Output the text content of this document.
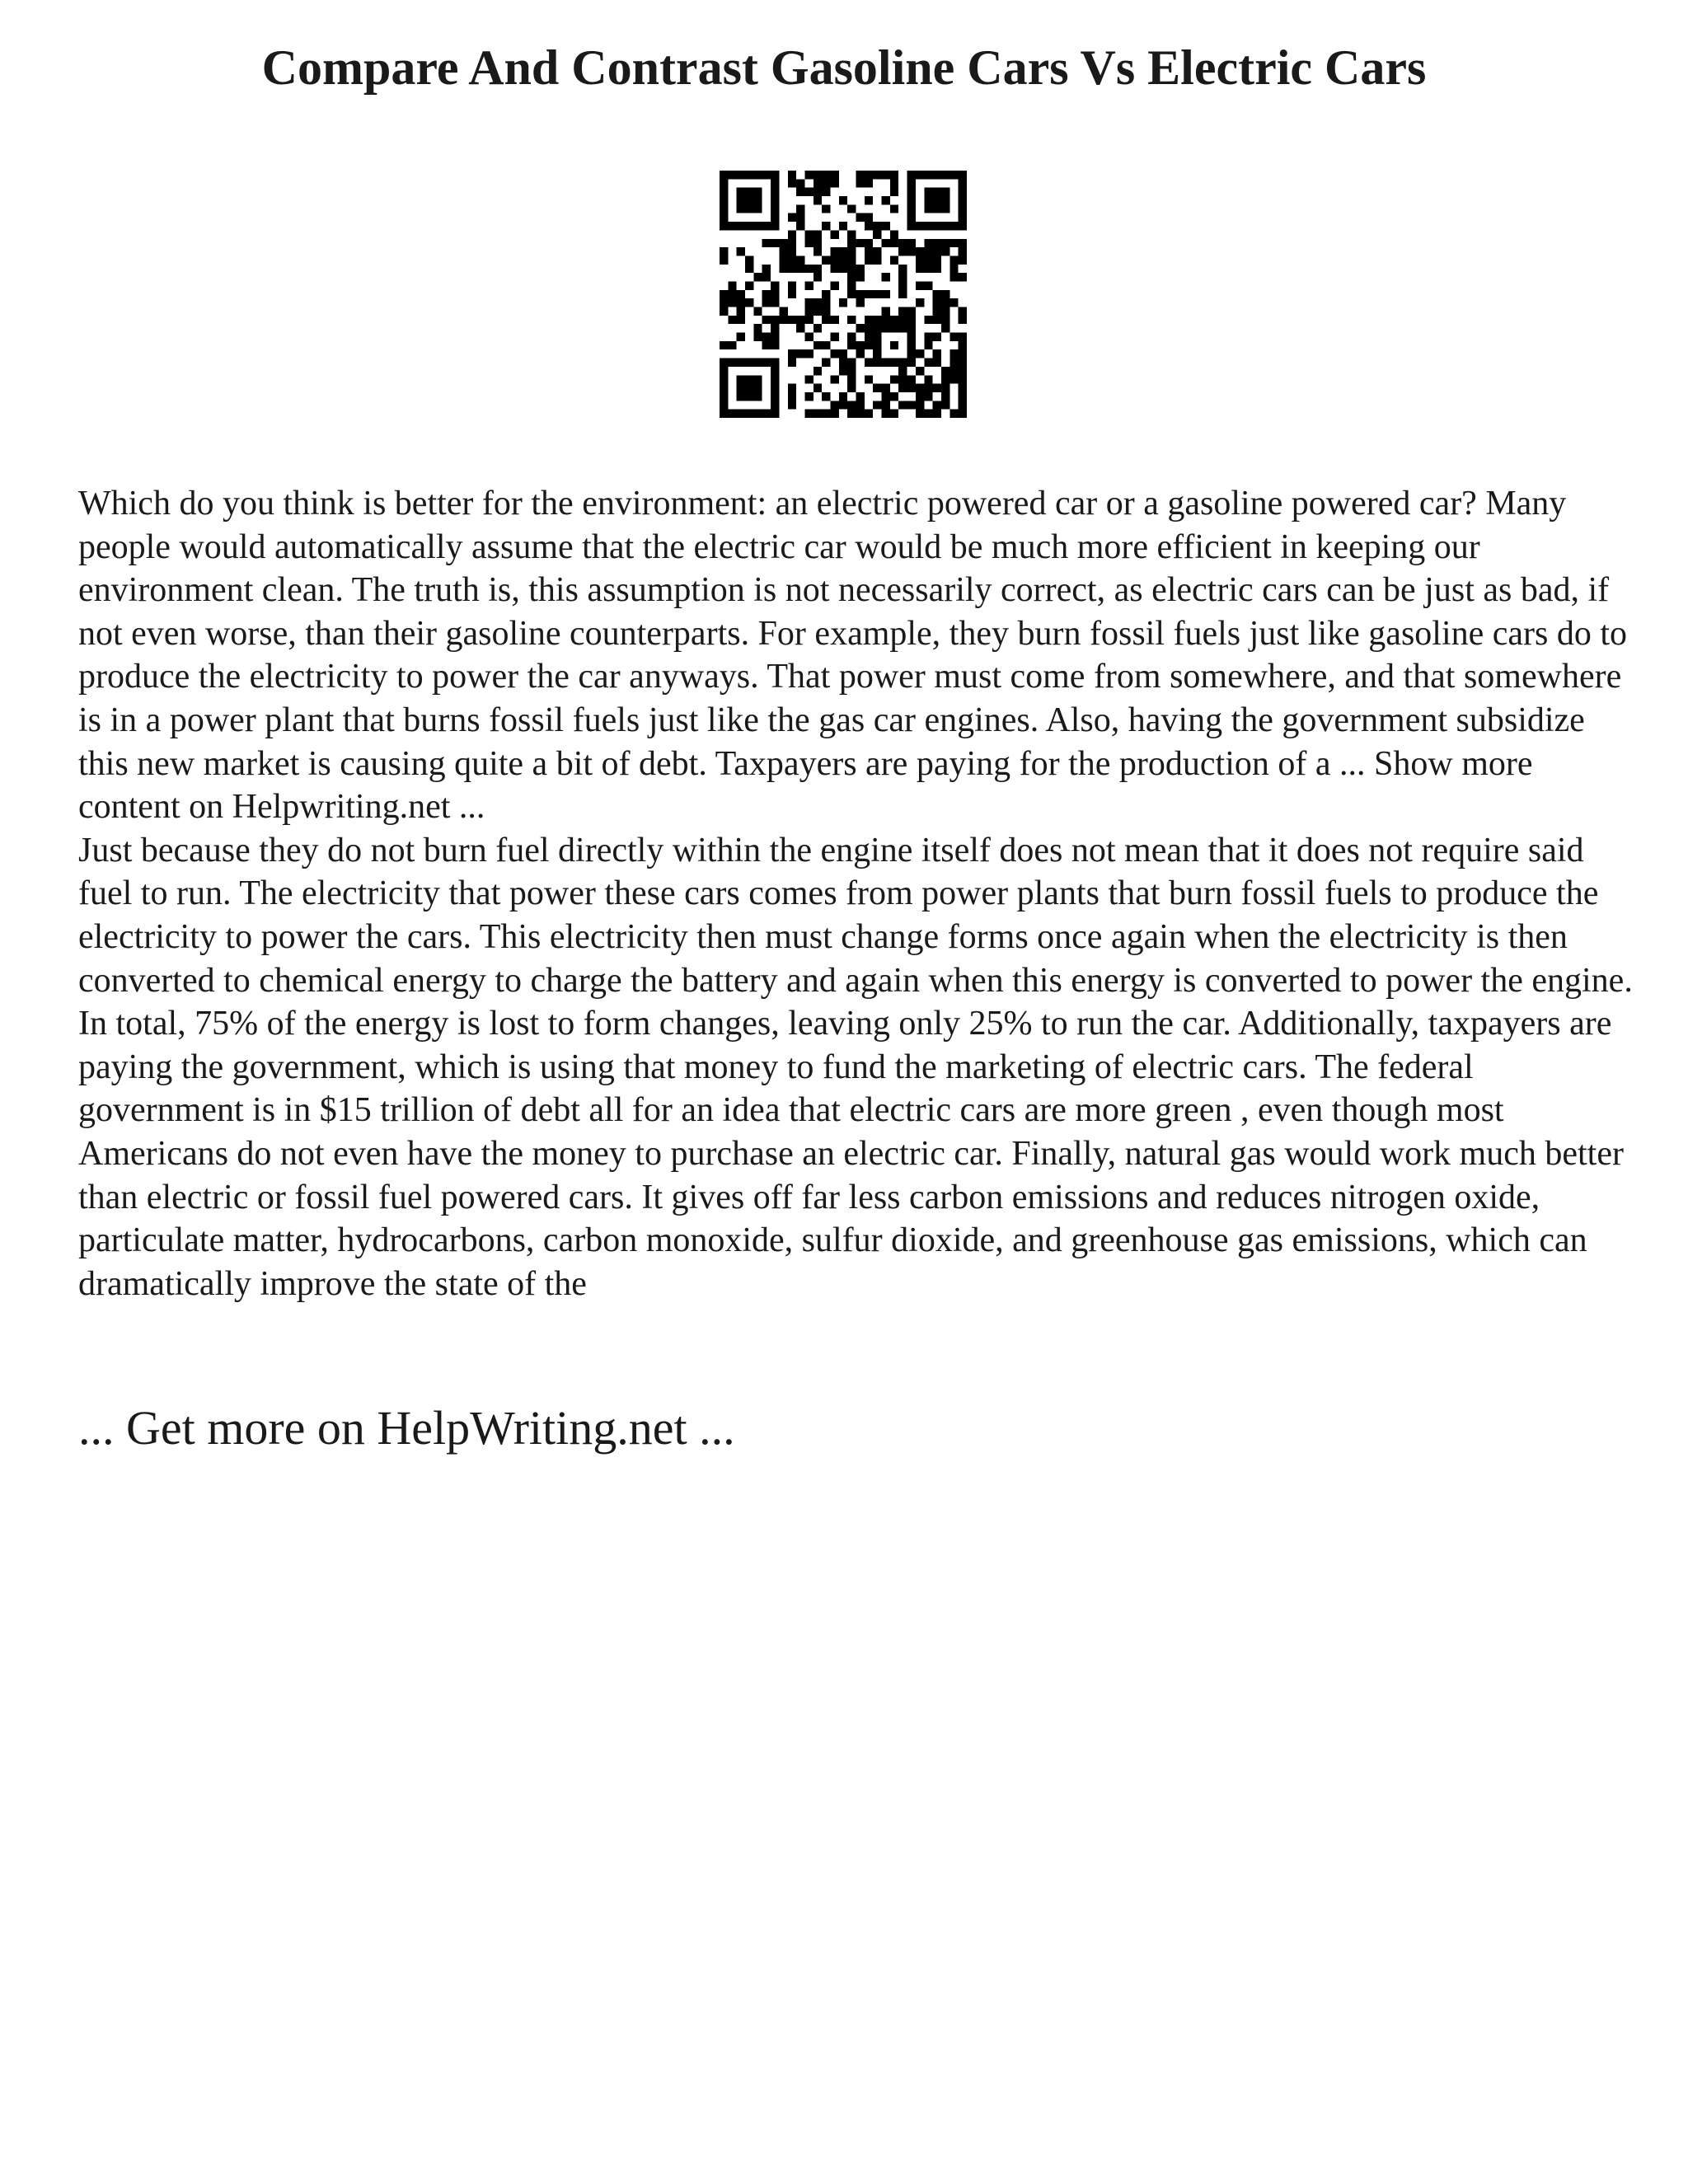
Compare And Contrast Gasoline Cars Vs Electric Cars

Which do you think is better for the environment: an electric powered car or a gasoline powered car? Many people would automatically assume that the electric car would be much more efficient in keeping our environment clean. The truth is, this assumption is not necessarily correct, as electric cars can be just as bad, if not even worse, than their gasoline counterparts. For example, they burn fossil fuels just like gasoline cars do to produce the electricity to power the car anyways. That power must come from somewhere, and that somewhere is in a power plant that burns fossil fuels just like the gas car engines. Also, having the government subsidize this new market is causing quite a bit of debt. Taxpayers are paying for the production of a ... Show more content on Helpwriting.net ...

Just because they do not burn fuel directly within the engine itself does not mean that it does not require said fuel to run. The electricity that power these cars comes from power plants that burn fossil fuels to produce the electricity to power the cars. This electricity then must change forms once again when the electricity is then converted to chemical energy to charge the battery and again when this energy is converted to power the engine. In total, 75% of the energy is lost to form changes, leaving only 25% to run the car. Additionally, taxpayers are paying the government, which is using that money to fund the marketing of electric cars. The federal government is in $15 trillion of debt all for an idea that electric cars are more green , even though most Americans do not even have the money to purchase an electric car. Finally, natural gas would work much better than electric or fossil fuel powered cars. It gives off far less carbon emissions and reduces nitrogen oxide, particulate matter, hydrocarbons, carbon monoxide, sulfur dioxide, and greenhouse gas emissions, which can dramatically improve the state of the

... Get more on HelpWriting.net ...
